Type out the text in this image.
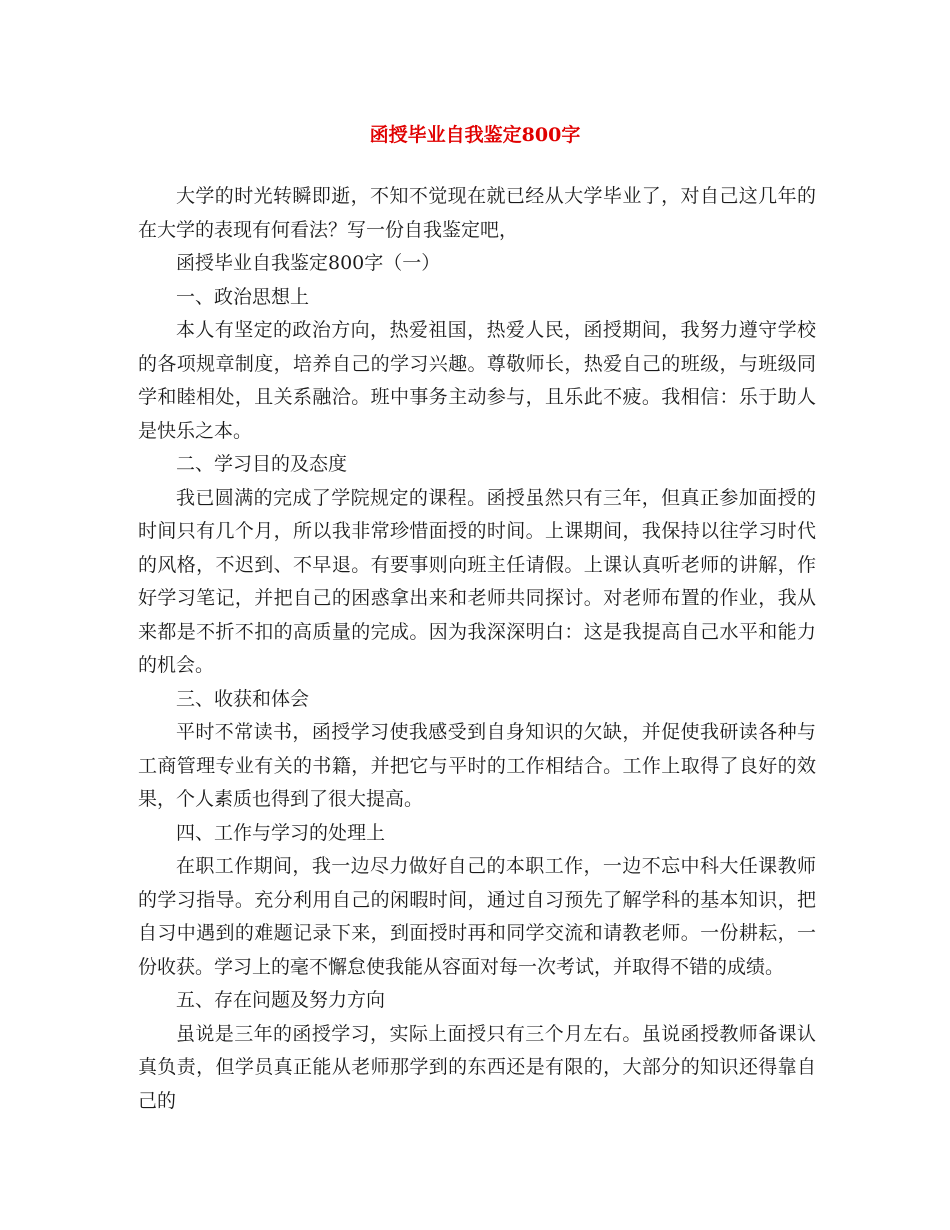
函授毕业自我鉴定800字

大学的时光转瞬即逝，不知不觉现在就已经从大学毕业了，对自己这几年的在大学的表现有何看法？写一份自我鉴定吧，

函授毕业自我鉴定800字（一）

一、政治思想上

本人有坚定的政治方向，热爱祖国，热爱人民，函授期间，我努力遵守学校的各项规章制度，培养自己的学习兴趣。尊敬师长，热爱自己的班级，与班级同学和睦相处，且关系融洽。班中事务主动参与，且乐此不疲。我相信：乐于助人是快乐之本。

二、学习目的及态度

我已圆满的完成了学院规定的课程。函授虽然只有三年，但真正参加面授的时间只有几个月，所以我非常珍惜面授的时间。上课期间，我保持以往学习时代的风格，不迟到、不早退。有要事则向班主任请假。上课认真听老师的讲解，作好学习笔记，并把自己的困惑拿出来和老师共同探讨。对老师布置的作业，我从来都是不折不扣的高质量的完成。因为我深深明白：这是我提高自己水平和能力的机会。

三、收获和体会

平时不常读书，函授学习使我感受到自身知识的欠缺，并促使我研读各种与工商管理专业有关的书籍，并把它与平时的工作相结合。工作上取得了良好的效果，个人素质也得到了很大提高。

四、工作与学习的处理上

在职工作期间，我一边尽力做好自己的本职工作，一边不忘中科大任课教师的学习指导。充分利用自己的闲暇时间，通过自习预先了解学科的基本知识，把自习中遇到的难题记录下来，到面授时再和同学交流和请教老师。一份耕耘，一份收获。学习上的毫不懈怠使我能从容面对每一次考试，并取得不错的成绩。

五、存在问题及努力方向

虽说是三年的函授学习，实际上面授只有三个月左右。虽说函授教师备课认真负责，但学员真正能从老师那学到的东西还是有限的，大部分的知识还得靠自己的
